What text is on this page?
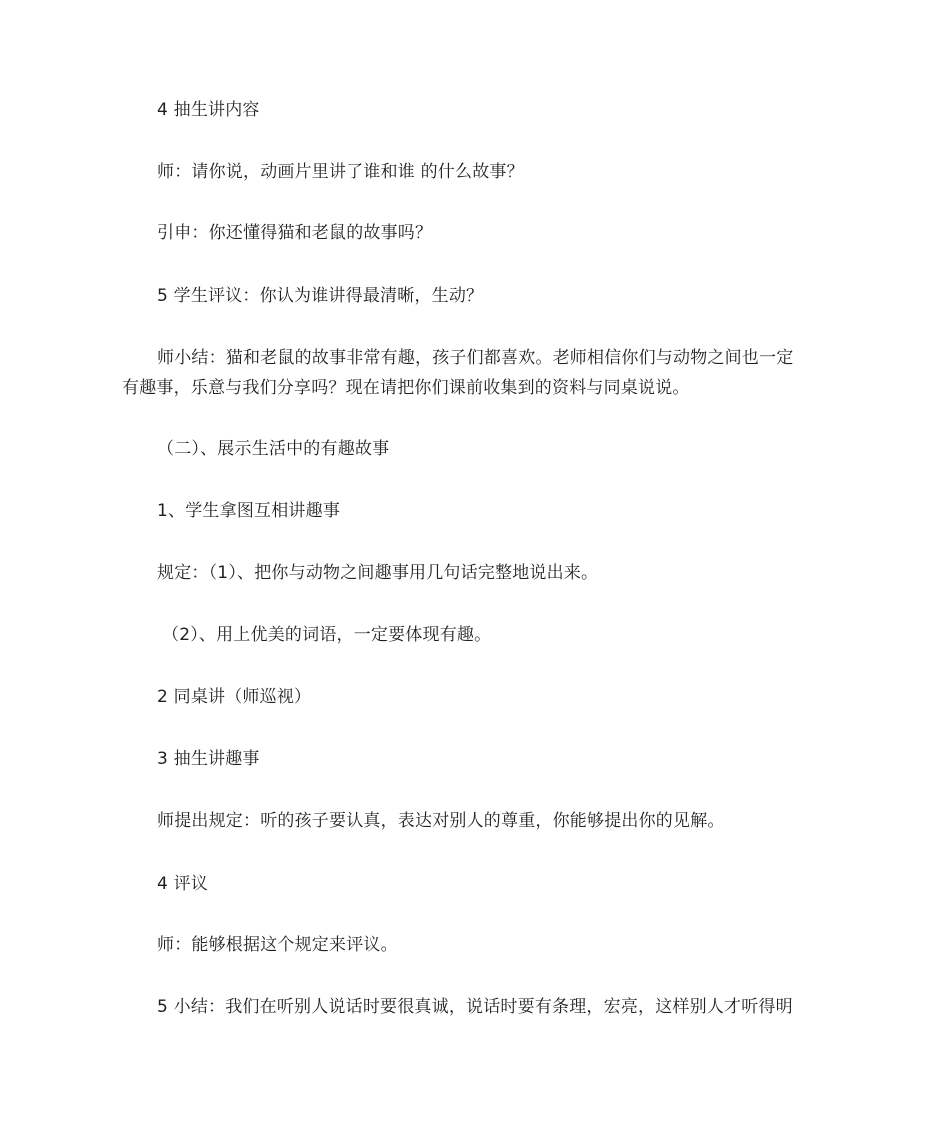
4 抽生讲内容
师：请你说，动画片里讲了谁和谁 的什么故事？
引申：你还懂得猫和老鼠的故事吗？
5 学生评议：你认为谁讲得最清晰，生动？
师小结：猫和老鼠的故事非常有趣，孩子们都喜欢。老师相信你们与动物之间也一定
有趣事，乐意与我们分享吗？现在请把你们课前收集到的资料与同桌说说。
（二）、展示生活中的有趣故事
1、学生拿图互相讲趣事
规定：（1）、把你与动物之间趣事用几句话完整地说出来。
（2）、用上优美的词语，一定要体现有趣。
2 同桌讲（师巡视）
3 抽生讲趣事
师提出规定：听的孩子要认真，表达对别人的尊重，你能够提出你的见解。
4 评议
师：能够根据这个规定来评议。
5 小结：我们在听别人说话时要很真诚，说话时要有条理，宏亮，这样别人才听得明
